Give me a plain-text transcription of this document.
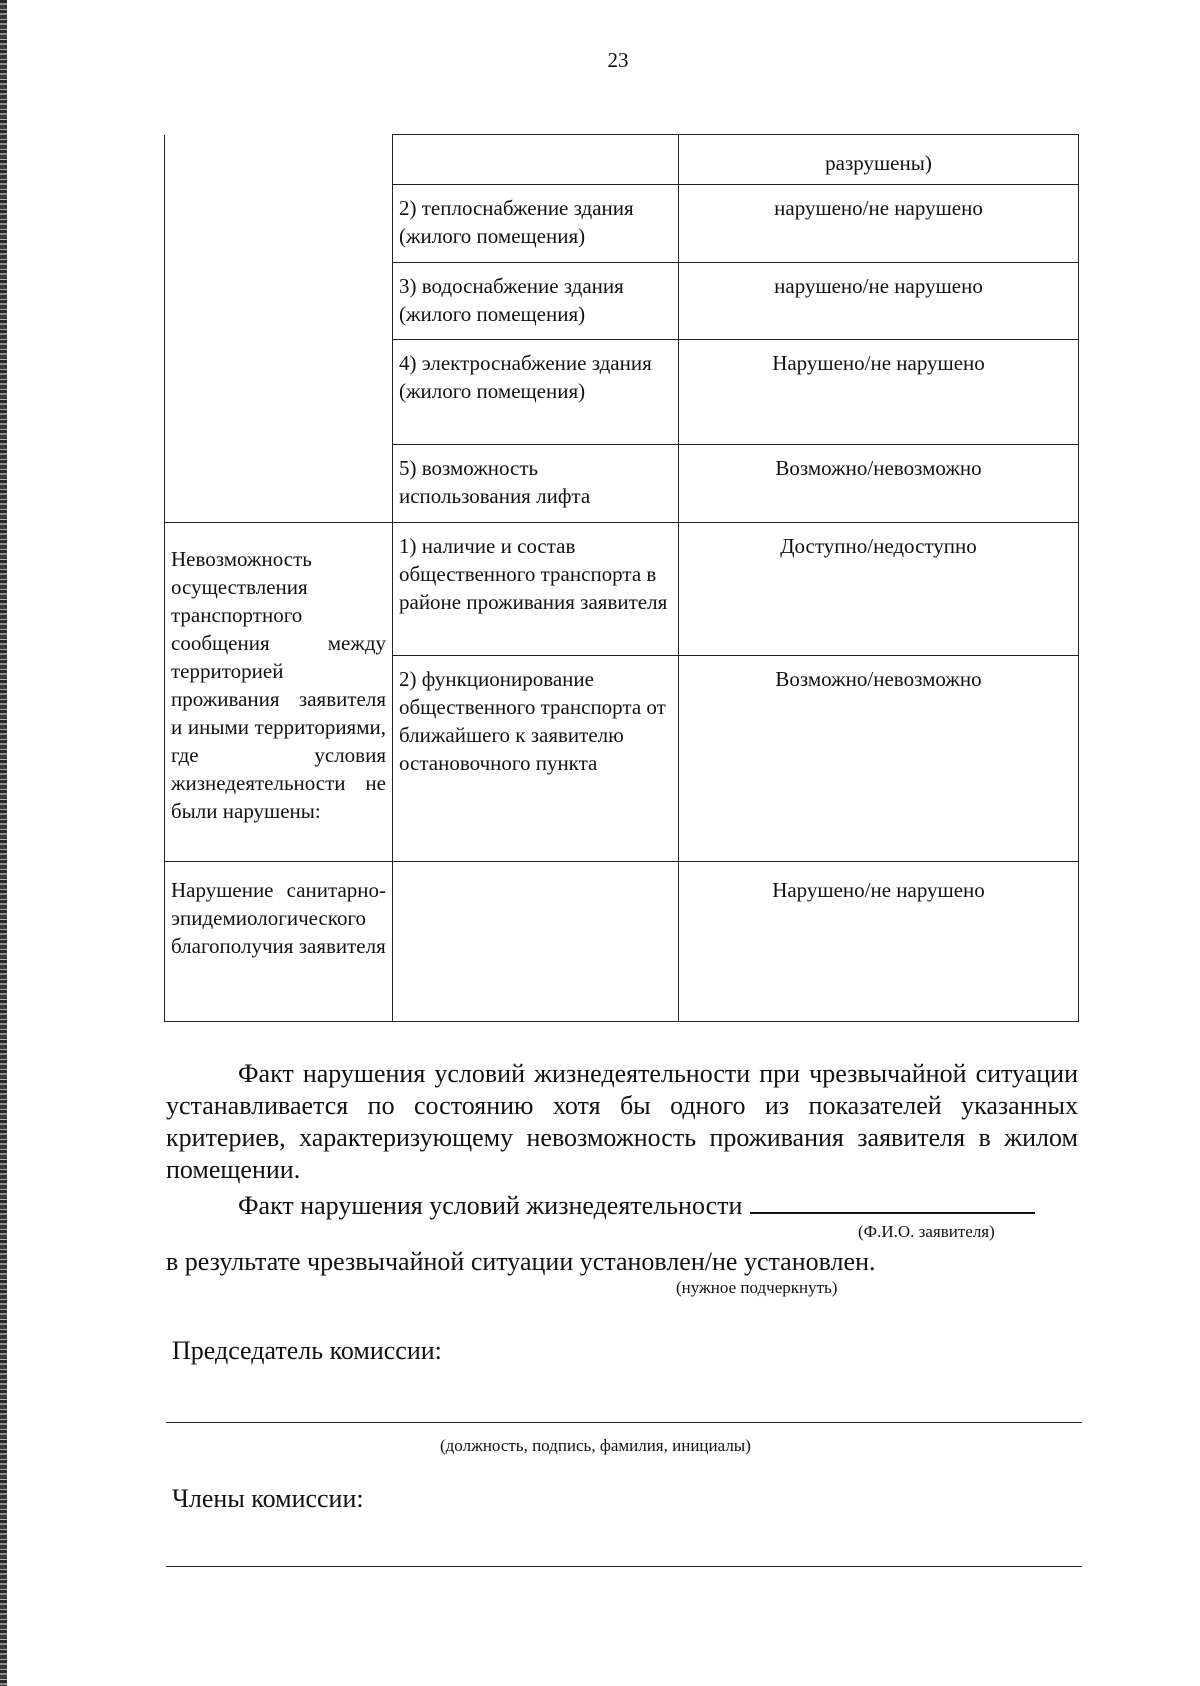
23
		разрушены)
	2) теплоснабжение здания (жилого помещения)	нарушено/не нарушено
	3) водоснабжение здания (жилого помещения)	нарушено/не нарушено
	4) электроснабжение здания (жилого помещения)	Нарушено/не нарушено
	5) возможность использования лифта	Возможно/невозможно
Невозможность осуществления транспортного сообщения между территорией проживания заявителя и иными территориями, где условия жизнедеятельности не были нарушены:	1) наличие и состав общественного транспорта в районе проживания заявителя	Доступно/недоступно
	2) функционирование общественного транспорта от ближайшего к заявителю остановочного пункта	Возможно/невозможно
Нарушение санитарно-эпидемиологического благополучия заявителя		Нарушено/не нарушено
Факт нарушения условий жизнедеятельности при чрезвычайной ситуации устанавливается по состоянию хотя бы одного из показателей указанных критериев, характеризующему невозможность проживания заявителя в жилом помещении.
Факт нарушения условий жизнедеятельности
(Ф.И.О. заявителя)
в результате чрезвычайной ситуации установлен/не установлен.
(нужное подчеркнуть)
Председатель комиссии:
(должность, подпись, фамилия, инициалы)
Члены комиссии:
